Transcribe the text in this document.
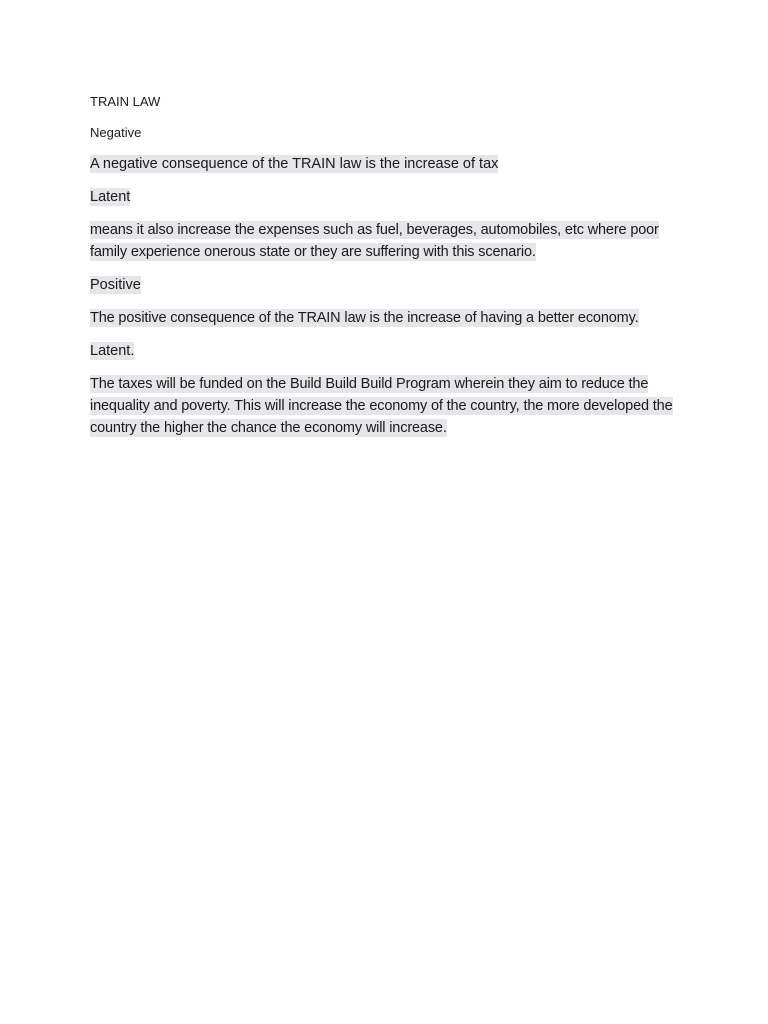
TRAIN LAW

Negative

A negative consequence of the TRAIN law is the increase of tax

Latent

means it also increase the expenses such as fuel, beverages, automobiles, etc where poor family experience onerous state or they are suffering with this scenario.

Positive

The positive consequence of the TRAIN law is the increase of having a better economy.

Latent.

The taxes will be funded on the Build Build Build Program wherein they aim to reduce the inequality and poverty. This will increase the economy of the country, the more developed the country the higher the chance the economy will increase.
